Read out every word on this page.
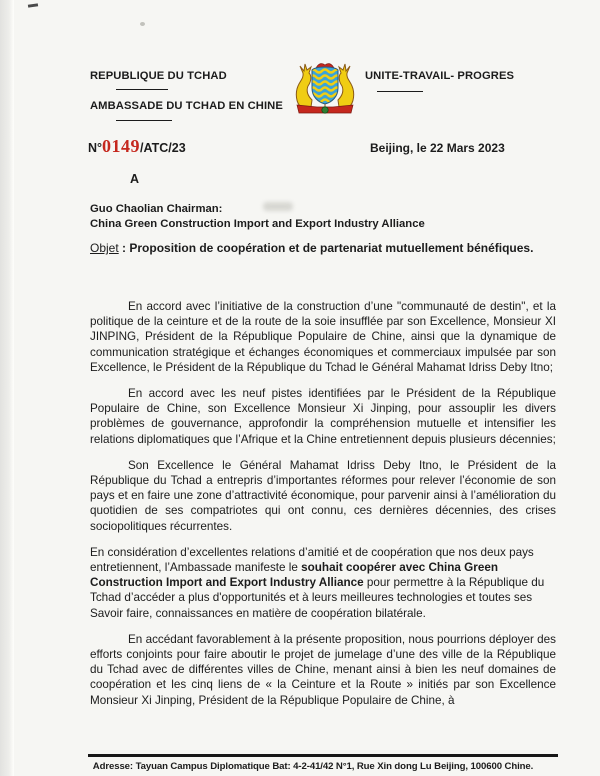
REPUBLIQUE DU TCHAD
AMBASSADE DU TCHAD EN CHINE
UNITE-TRAVAIL- PROGRES
N°0149/ATC/23	Beijing, le 22 Mars 2023
A
Guo Chaolian Chairman:
China Green Construction Import and Export Industry Alliance
Objet : Proposition de coopération et de partenariat mutuellement bénéfiques.

En accord avec l’initiative de la construction d’une "communauté de destin", et la politique de la ceinture et de la route de la soie insufflée par son Excellence, Monsieur XI JINPING, Président de la République Populaire de Chine, ainsi que la dynamique de communication stratégique et échanges économiques et commerciaux impulsée par son Excellence, le Président de la République du Tchad le Général Mahamat Idriss Deby Itno;

En accord avec les neuf pistes identifiées par le Président de la République Populaire de Chine, son Excellence Monsieur Xi Jinping, pour assouplir les divers problèmes de gouvernance, approfondir la compréhension mutuelle et intensifier les relations diplomatiques que l’Afrique et la Chine entretiennent depuis plusieurs décennies;

Son Excellence le Général Mahamat Idriss Deby Itno, le Président de la République du Tchad a entrepris d’importantes réformes pour relever l’économie de son pays et en faire une zone d’attractivité économique, pour parvenir ainsi à l’amélioration du quotidien de ses compatriotes qui ont connu, ces dernières décennies, des crises sociopolitiques récurrentes.

En considération d’excellentes relations d’amitié et de coopération que nos deux pays entretiennent, l’Ambassade manifeste le souhait coopérer avec China Green Construction Import and Export Industry Alliance pour permettre à la République du Tchad d’accéder a plus d'opportunités et à leurs meilleures technologies et toutes ses Savoir faire, connaissances en matière de coopération bilatérale.

En accédant favorablement à la présente proposition, nous pourrions déployer des efforts conjoints pour faire aboutir le projet de jumelage d’une des ville de la République du Tchad avec de différentes villes de Chine, menant ainsi à bien les neuf domaines de coopération et les cinq liens de « la Ceinture et la Route » initiés par son Excellence Monsieur Xi Jinping, Président de la République Populaire de Chine, à

Adresse: Tayuan Campus Diplomatique Bat: 4-2-41/42 N°1, Rue Xin dong Lu Beijing, 100600 Chine.
